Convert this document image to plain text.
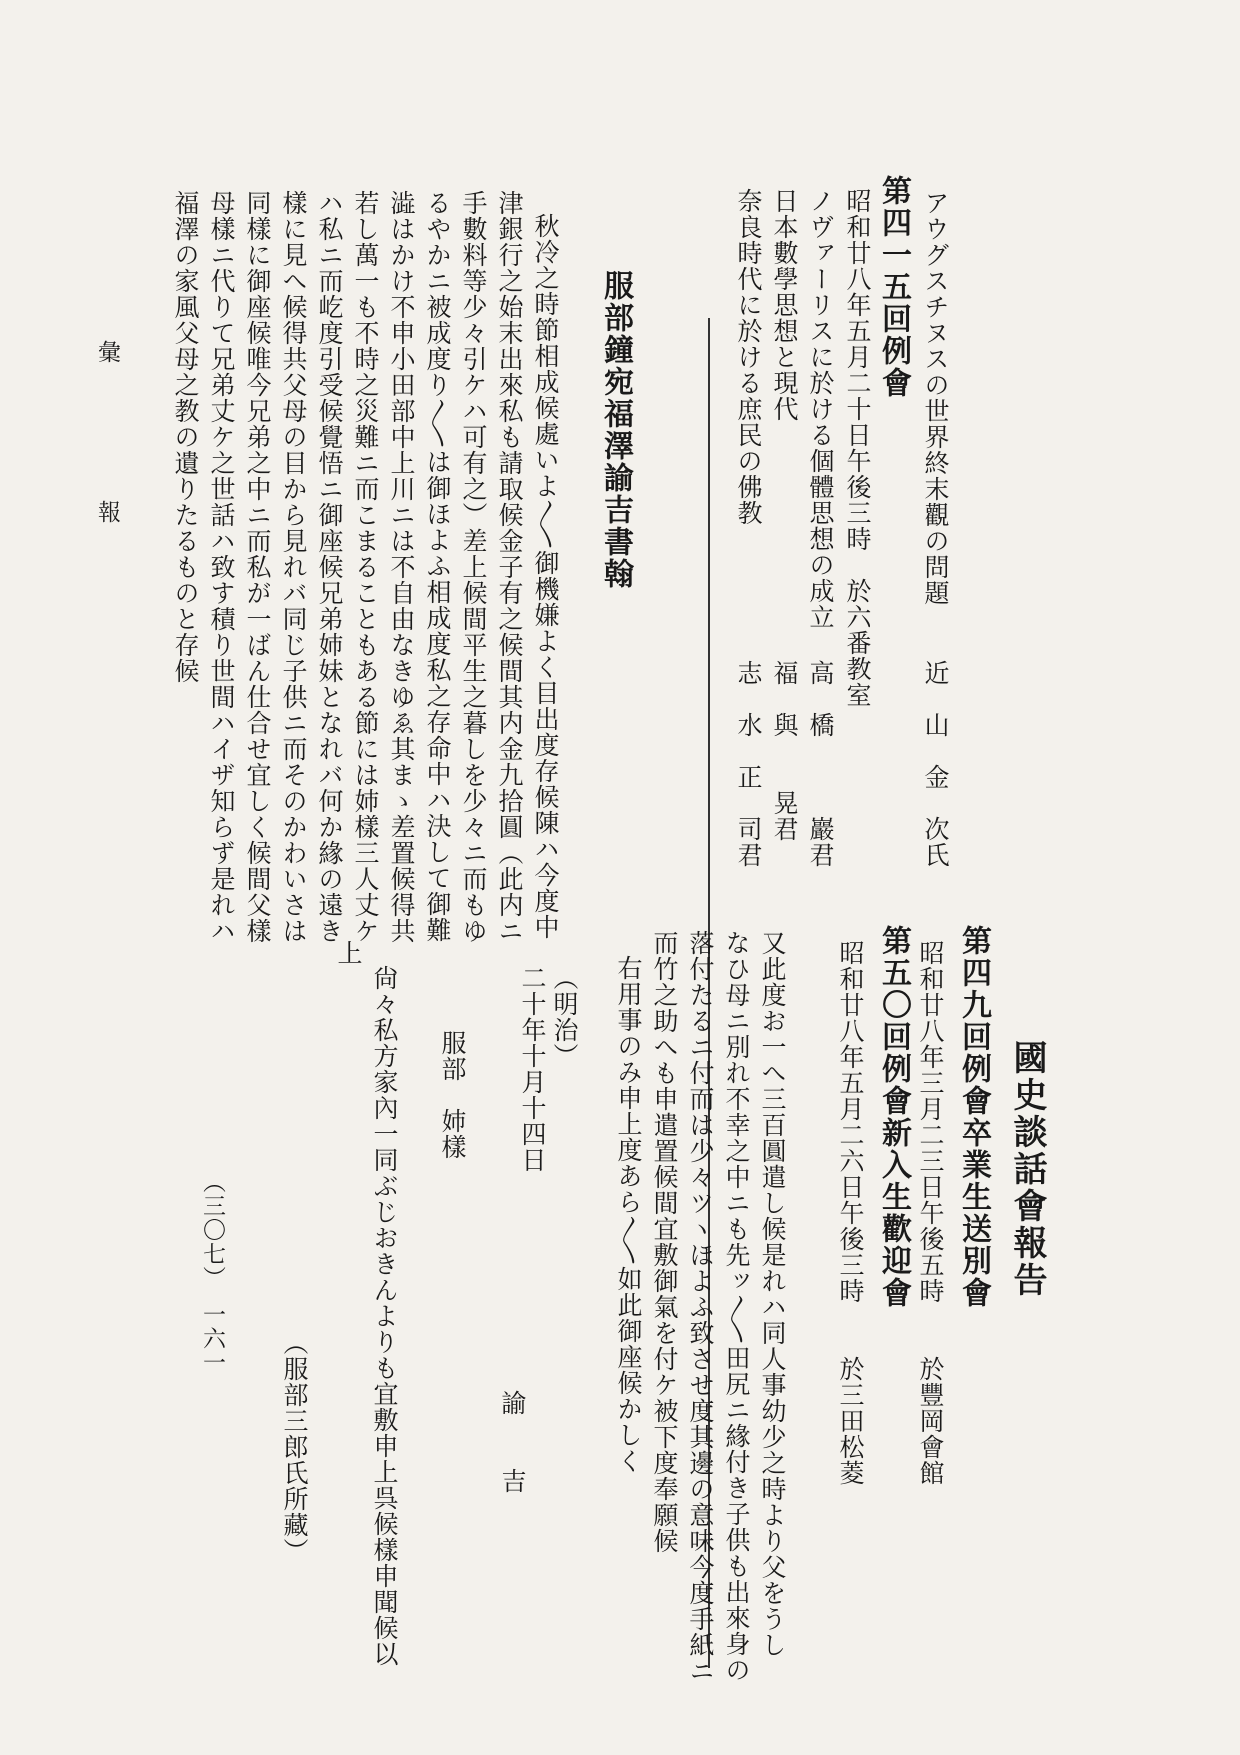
アウグスチヌスの世界終末觀の問題
近　山　金　次氏
第四一五回例會
昭和廿八年五月二十日午後三時　於六番教室
ノヴァーリスに於ける個體思想の成立
高　橋　　　巖君
日本數學思想と現代
福　與　　晃君
奈良時代に於ける庶民の佛教
志　水　正　司君
服部鐘宛福澤諭吉書翰
秋冷之時節相成候處いよ〳〵御機嫌よく目出度存候陳ハ今度中
津銀行之始末出來私も請取候金子有之候間其内金九拾圓（此内ニ
手數料等少々引ケハ可有之）差上候間平生之暮しを少々ニ而もゆ
るやかニ被成度り〳〵は御ほよふ相成度私之存命中ハ決して御難
澁はかけ不申小田部中上川ニは不自由なきゆゑ其まゝ差置候得共
若し萬一も不時之災難ニ而こまることもある節には姉樣三人丈ケ
ハ私ニ而屹度引受候覺悟ニ御座候兄弟姉妹となれバ何か緣の遠き
樣に見へ候得共父母の目から見れバ同じ子供ニ而そのかわいさは
同樣に御座候唯今兄弟之中ニ而私が一ばん仕合せ宜しく候間父樣
母樣ニ代りて兄弟丈ケ之世話ハ致す積り世間ハイザ知らず是れハ
福澤の家風父母之教の遺りたるものと存候
彙
報
國史談話會報告
第四九回例會卒業生送別會
昭和廿八年三月二三日午後五時　　於豐岡會館
第五〇回例會新入生歡迎會
昭和廿八年五月二六日午後三時　　於三田松菱
又此度お一へ三百圓遣し候是れハ同人事幼少之時より父をうし
なひ母ニ別れ不幸之中ニも先ッ〳〵田尻ニ緣付き子供も出來身の
落付たるニ付而は少々ツヽほよふ致させ度其邊の意味今度手紙ニ
而竹之助へも申遣置候間宜敷御氣を付ケ被下度奉願候
右用事のみ申上度あら〳〵如此御座候かしく
（明治）
二十年十月十四日
諭　　吉
服部　姉樣
尙々私方家內一同ぶじおきんよりも宜敷申上呉候樣申聞候以
上
（服部三郎氏所藏）
（三〇七）　一六一
